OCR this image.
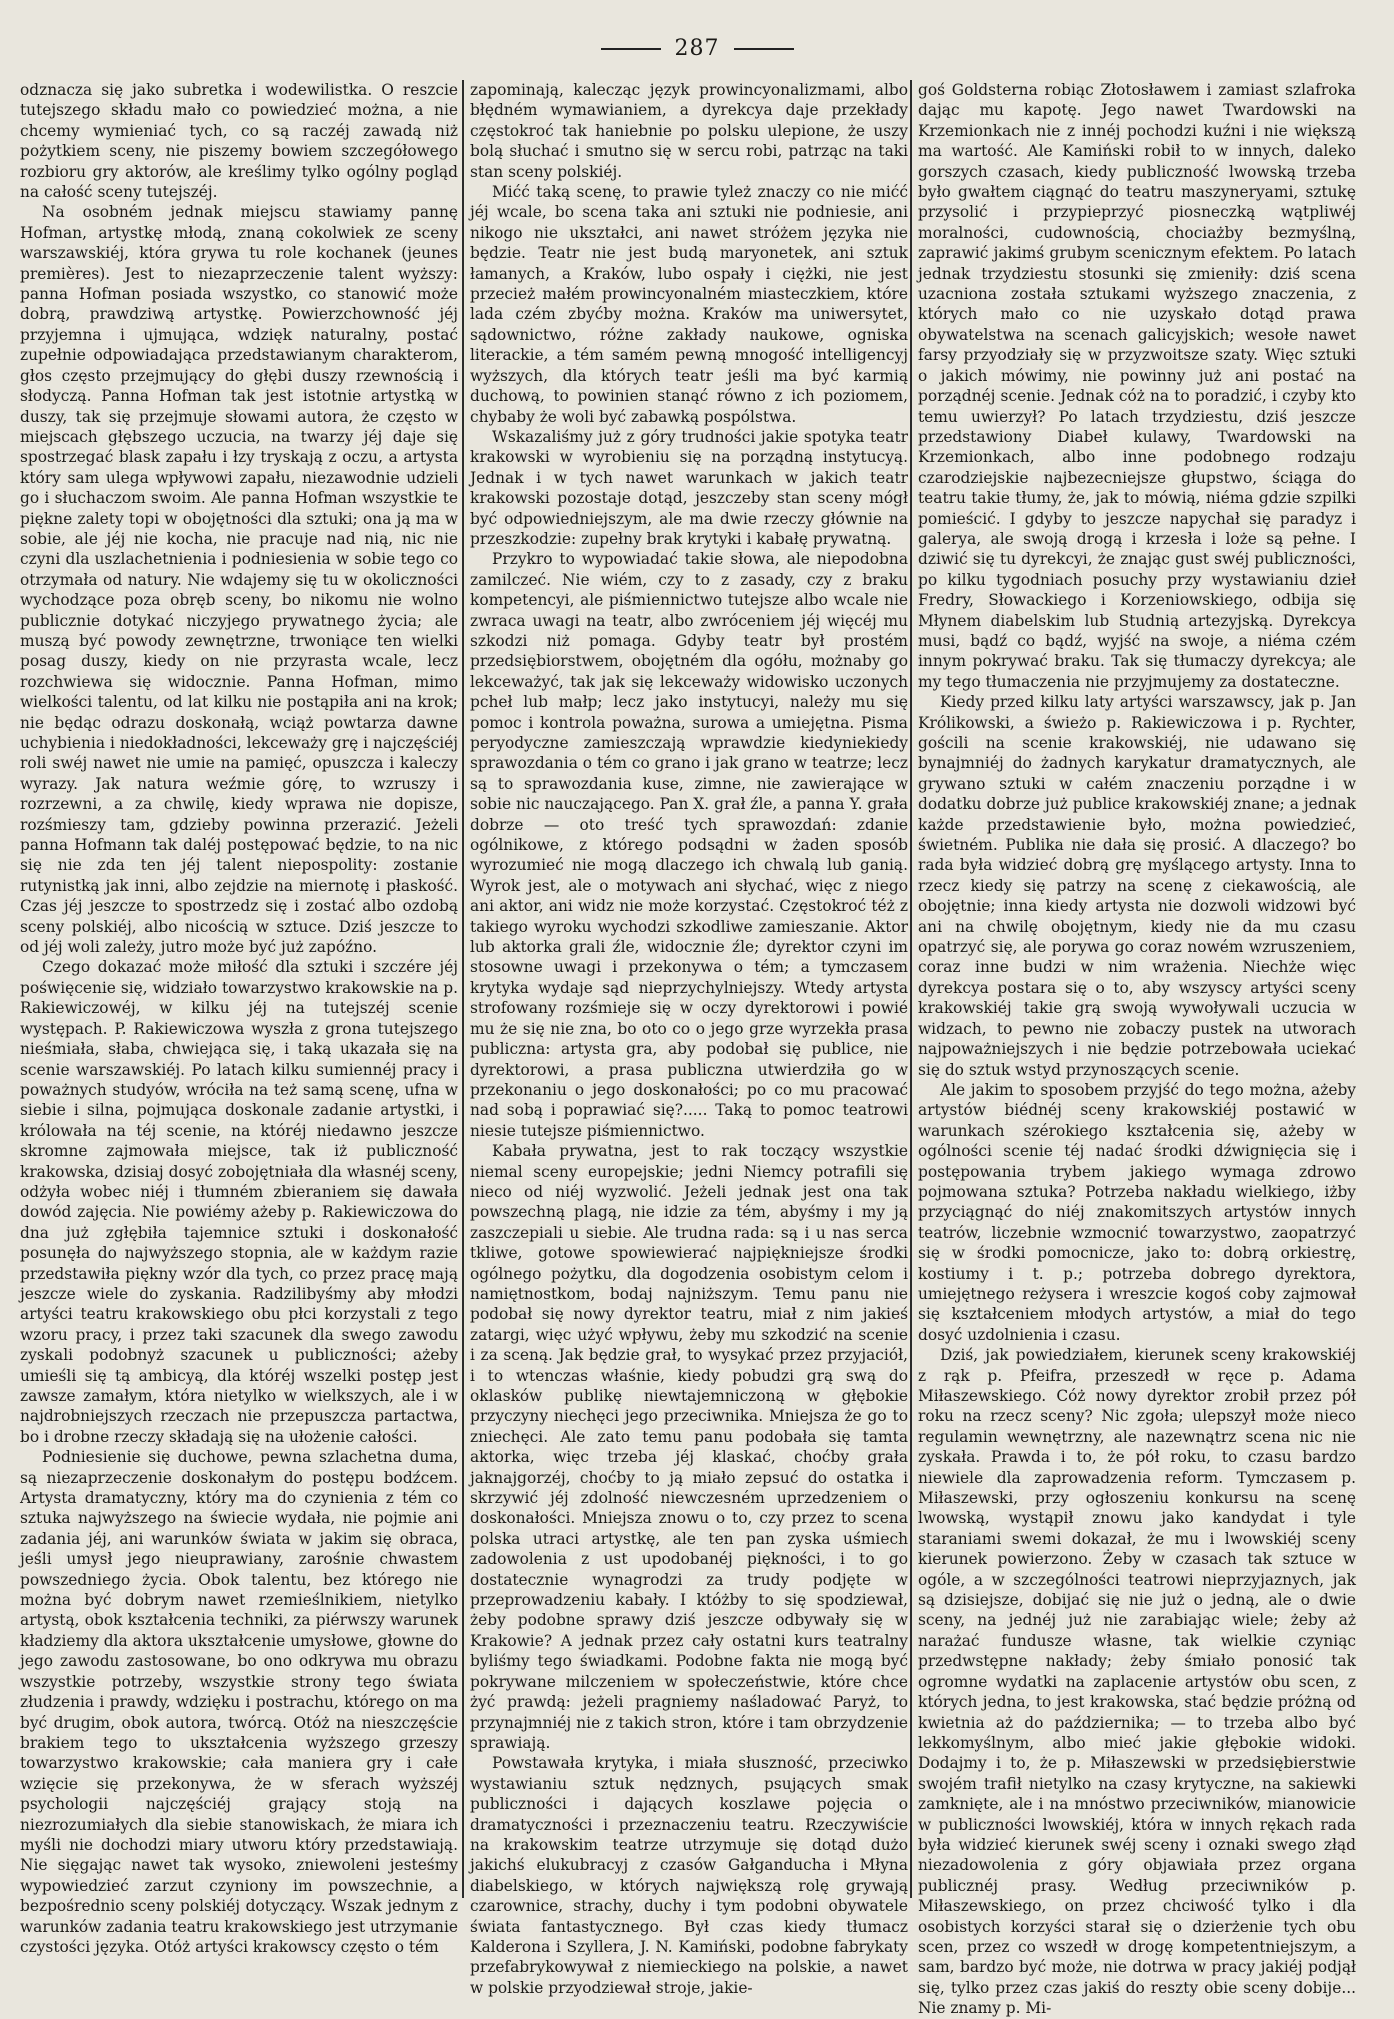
287

odznacza się jako subretka i wodewilistka. O reszcie tutejszego składu mało co powiedzieć można, a nie chcemy wymieniać tych, co są raczéj zawadą niż pożytkiem sceny, nie piszemy bowiem szczegółowego rozbioru gry aktorów, ale kreślimy tylko ogólny pogląd na całość sceny tutejszéj.

Na osobném jednak miejscu stawiamy pannę Hofman, artystkę młodą, znaną cokolwiek ze sceny warszawskiéj, która grywa tu role kochanek (jeunes premières). Jest to niezaprzeczenie talent wyższy: panna Hofman posiada wszystko, co stanowić może dobrą, prawdziwą artystkę. Powierzchowność jéj przyjemna i ujmująca, wdzięk naturalny, postać zupełnie odpowiadająca przedstawianym charakterom, głos często przejmujący do głębi duszy rzewnością i słodyczą. Panna Hofman tak jest istotnie artystką w duszy, tak się przejmuje słowami autora, że często w miejscach głębszego uczucia, na twarzy jéj daje się spostrzegać blask zapału i łzy tryskają z oczu, a artysta który sam ulega wpływowi zapału, niezawodnie udzieli go i słuchaczom swoim. Ale panna Hofman wszystkie te piękne zalety topi w obojętności dla sztuki; ona ją ma w sobie, ale jéj nie kocha, nie pracuje nad nią, nic nie czyni dla uszlachetnienia i podniesienia w sobie tego co otrzymała od natury. Nie wdajemy się tu w okoliczności wychodzące poza obręb sceny, bo nikomu nie wolno publicznie dotykać niczyjego prywatnego życia; ale muszą być powody zewnętrzne, trwoniące ten wielki posag duszy, kiedy on nie przyrasta wcale, lecz rozchwiewa się widocznie. Panna Hofman, mimo wielkości talentu, od lat kilku nie postąpiła ani na krok; nie będąc odrazu doskonałą, wciąż powtarza dawne uchybienia i niedokładności, lekceważy grę i najczęściéj roli swéj nawet nie umie na pamięć, opuszcza i kaleczy wyrazy. Jak natura weźmie górę, to wzruszy i rozrzewni, a za chwilę, kiedy wprawa nie dopisze, rozśmieszy tam, gdzieby powinna przerazić. Jeżeli panna Hofmann tak daléj postępować będzie, to na nic się nie zda ten jéj talent niepospolity: zostanie rutynistką jak inni, albo zejdzie na miernotę i płaskość. Czas jéj jeszcze to spostrzedz się i zostać albo ozdobą sceny polskiéj, albo nicością w sztuce. Dziś jeszcze to od jéj woli zależy, jutro może być już zapóźno.

Czego dokazać może miłość dla sztuki i szczére jéj poświęcenie się, widziało towarzystwo krakowskie na p. Rakiewiczowéj, w kilku jéj na tutejszéj scenie występach. P. Rakiewiczowa wyszła z grona tutejszego nieśmiała, słaba, chwiejąca się, i taką ukazała się na scenie warszawskiéj. Po latach kilku sumiennéj pracy i poważnych studyów, wróciła na też samą scenę, ufna w siebie i silna, pojmująca doskonale zadanie artystki, i królowała na téj scenie, na któréj niedawno jeszcze skromne zajmowała miejsce, tak iż publiczność krakowska, dzisiaj dosyć zobojętniała dla własnéj sceny, odżyła wobec niéj i tłumném zbieraniem się dawała dowód zajęcia. Nie powiémy ażeby p. Rakiewiczowa do dna już zgłębiła tajemnice sztuki i doskonałość posunęła do najwyższego stopnia, ale w każdym razie przedstawiła piękny wzór dla tych, co przez pracę mają jeszcze wiele do zyskania. Radzilibyśmy aby młodzi artyści teatru krakowskiego obu płci korzystali z tego wzoru pracy, i przez taki szacunek dla swego zawodu zyskali podobnyż szacunek u publiczności; ażeby umieśli się tą ambicyą, dla któréj wszelki postęp jest zawsze zamałym, która nietylko w wielkszych, ale i w najdrobniejszych rzeczach nie przepuszcza partactwa, bo i drobne rzeczy składają się na ułożenie całości.

Podniesienie się duchowe, pewna szlachetna duma, są niezaprzeczenie doskonałym do postępu bodźcem. Artysta dramatyczny, który ma do czynienia z tém co sztuka najwyższego na świecie wydała, nie pojmie ani zadania jéj, ani warunków świata w jakim się obraca, jeśli umysł jego nieuprawiany, zarośnie chwastem powszedniego życia. Obok talentu, bez którego nie można być dobrym nawet rzemieślnikiem, nietylko artystą, obok kształcenia techniki, za piérwszy warunek kładziemy dla aktora ukształcenie umysłowe, głowne do jego zawodu zastosowane, bo ono odkrywa mu obrazu wszystkie potrzeby, wszystkie strony tego świata złudzenia i prawdy, wdzięku i postrachu, którego on ma być drugim, obok autora, twórcą. Otóż na nieszczęście brakiem tego to ukształcenia wyższego grzeszy towarzystwo krakowskie; cała maniera gry i całe wzięcie się przekonywa, że w sferach wyższéj psychologii najczęściéj grający stoją na niezrozumiałych dla siebie stanowiskach, że miara ich myśli nie dochodzi miary utworu który przedstawiają. Nie sięgając nawet tak wysoko, zniewoleni jesteśmy wypowiedzieć zarzut czyniony im powszechnie, a bezpośrednio sceny polskiéj dotyczący. Wszak jednym z warunków zadania teatru krakowskiego jest utrzymanie czystości języka. Otóż artyści krakowscy często o tém

zapominają, kalecząc język prowincyonalizmami, albo błędném wymawianiem, a dyrekcya daje przekłady częstokroć tak haniebnie po polsku ulepione, że uszy bolą słuchać i smutno się w sercu robi, patrząc na taki stan sceny polskiéj.

Mićć taką scenę, to prawie tyleż znaczy co nie mićć jéj wcale, bo scena taka ani sztuki nie podniesie, ani nikogo nie ukształci, ani nawet stróżem języka nie będzie. Teatr nie jest budą maryonetek, ani sztuk łamanych, a Kraków, lubo ospały i ciężki, nie jest przecież małém prowincyonalném miasteczkiem, które lada czém zbyćby można. Kraków ma uniwersytet, sądownictwo, różne zakłady naukowe, ogniska literackie, a tém samém pewną mnogość intelligencyj wyższych, dla których teatr jeśli ma być karmią duchową, to powinien stanąć równo z ich poziomem, chybaby że woli być zabawką pospólstwa.

Wskazaliśmy już z góry trudności jakie spotyka teatr krakowski w wyrobieniu się na porządną instytucyą. Jednak i w tych nawet warunkach w jakich teatr krakowski pozostaje dotąd, jeszczeby stan sceny mógł być odpowiedniejszym, ale ma dwie rzeczy głównie na przeszkodzie: zupełny brak krytyki i kabałę prywatną.

Przykro to wypowiadać takie słowa, ale niepodobna zamilczeć. Nie wiém, czy to z zasady, czy z braku kompetencyi, ale piśmiennictwo tutejsze albo wcale nie zwraca uwagi na teatr, albo zwróceniem jéj więcéj mu szkodzi niż pomaga. Gdyby teatr był prostém przedsiębiorstwem, obojętném dla ogółu, możnaby go lekceważyć, tak jak się lekceważy widowisko uczonych pcheł lub małp; lecz jako instytucyi, należy mu się pomoc i kontrola poważna, surowa a umiejętna. Pisma peryodyczne zamieszczają wprawdzie kiedyniekiedy sprawozdania o tém co grano i jak grano w teatrze; lecz są to sprawozdania kuse, zimne, nie zawierające w sobie nic nauczającego. Pan X. grał źle, a panna Y. grała dobrze — oto treść tych sprawozdań: zdanie ogólnikowe, z którego podsądni w żaden sposób wyrozumieć nie mogą dlaczego ich chwalą lub ganią. Wyrok jest, ale o motywach ani słychać, więc z niego ani aktor, ani widz nie może korzystać. Częstokroć téż z takiego wyroku wychodzi szkodliwe zamieszanie. Aktor lub aktorka grali źle, widocznie źle; dyrektor czyni im stosowne uwagi i przekonywa o tém; a tymczasem krytyka wydaje sąd nieprzychylniejszy. Wtedy artysta strofowany rozśmieje się w oczy dyrektorowi i powié mu że się nie zna, bo oto co o jego grze wyrzekła prasa publiczna: artysta gra, aby podobał się publice, nie dyrektorowi, a prasa publiczna utwierdziła go w przekonaniu o jego doskonałości; po co mu pracować nad sobą i poprawiać się?..... Taką to pomoc teatrowi niesie tutejsze piśmiennictwo.

Kabała prywatna, jest to rak toczący wszystkie niemal sceny europejskie; jedni Niemcy potrafili się nieco od niéj wyzwolić. Jeżeli jednak jest ona tak powszechną plagą, nie idzie za tém, abyśmy i my ją zaszczepiali u siebie. Ale trudna rada: są i u nas serca tkliwe, gotowe spowiewierać najpiękniejsze środki ogólnego pożytku, dla dogodzenia osobistym celom i namiętnostkom, bodaj najniższym. Temu panu nie podobał się nowy dyrektor teatru, miał z nim jakieś zatargi, więc użyć wpływu, żeby mu szkodzić na scenie i za sceną. Jak będzie grał, to wysykać przez przyjaciół, i to wtenczas właśnie, kiedy pobudzi grą swą do oklasków publikę niewtajemniczoną w głębokie przyczyny niechęci jego przeciwnika. Mniejsza że go to zniechęci. Ale zato temu panu podobała się tamta aktorka, więc trzeba jéj klaskać, choćby grała jaknajgorzéj, choćby to ją miało zepsuć do ostatka i skrzywić jéj zdolność niewczesném uprzedzeniem o doskonałości. Mniejsza znowu o to, czy przez to scena polska utraci artystkę, ale ten pan zyska uśmiech zadowolenia z ust upodobanéj piękności, i to go dostatecznie wynagrodzi za trudy podjęte w przeprowadzeniu kabały. I któżby to się spodziewał, żeby podobne sprawy dziś jeszcze odbywały się w Krakowie? A jednak przez cały ostatni kurs teatralny byliśmy tego świadkami. Podobne fakta nie mogą być pokrywane milczeniem w społeczeństwie, które chce żyć prawdą: jeżeli pragniemy naśladować Paryż, to przynajmniéj nie z takich stron, które i tam obrzydzenie sprawiają.

Powstawała krytyka, i miała słuszność, przeciwko wystawianiu sztuk nędznych, psujących smak publiczności i dających koszlawe pojęcia o dramatyczności i przeznaczeniu teatru. Rzeczywiście na krakowskim teatrze utrzymuje się dotąd dużo jakichś elukubracyj z czasów Gałganducha i Młyna diabelskiego, w których największą rolę grywają czarownice, strachy, duchy i tym podobni obywatele świata fantastycznego. Był czas kiedy tłumacz Kalderona i Szyllera, J. N. Kamiński, podobne fabrykaty przefabrykowywał z niemieckiego na polskie, a nawet w polskie przyodziewał stroje, jakie-

goś Goldsterna robiąc Złotosławem i zamiast szlafroka dając mu kapotę. Jego nawet Twardowski na Krzemionkach nie z innéj pochodzi kuźni i nie większą ma wartość. Ale Kamiński robił to w innych, daleko gorszych czasach, kiedy publiczność lwowską trzeba było gwałtem ciągnąć do teatru maszyneryami, sztukę przysolić i przypieprzyć piosneczką wątpliwéj moralności, cudownością, chociażby bezmyślną, zaprawić jakimś grubym scenicznym efektem. Po latach jednak trzydziestu stosunki się zmieniły: dziś scena uzacniona została sztukami wyższego znaczenia, z których mało co nie uzyskało dotąd prawa obywatelstwa na scenach galicyjskich; wesołe nawet farsy przyodziały się w przyzwoitsze szaty. Więc sztuki o jakich mówimy, nie powinny już ani postać na porządnéj scenie. Jednak cóż na to poradzić, i czyby kto temu uwierzył? Po latach trzydziestu, dziś jeszcze przedstawiony Diabeł kulawy, Twardowski na Krzemionkach, albo inne podobnego rodzaju czarodziejskie najbezecniejsze głupstwo, ściąga do teatru takie tłumy, że, jak to mówią, niéma gdzie szpilki pomieścić. I gdyby to jeszcze napychał się paradyz i galerya, ale swoją drogą i krzesła i loże są pełne. I dziwić się tu dyrekcyi, że znając gust swéj publiczności, po kilku tygodniach posuchy przy wystawianiu dzieł Fredry, Słowackiego i Korzeniowskiego, odbija się Młynem diabelskim lub Studnią artezyjską. Dyrekcya musi, bądź co bądź, wyjść na swoje, a niéma czém innym pokrywać braku. Tak się tłumaczy dyrekcya; ale my tego tłumaczenia nie przyjmujemy za dostateczne.

Kiedy przed kilku laty artyści warszawscy, jak p. Jan Królikowski, a świeżo p. Rakiewiczowa i p. Rychter, gościli na scenie krakowskiéj, nie udawano się bynajmniéj do żadnych karykatur dramatycznych, ale grywano sztuki w całém znaczeniu porządne i w dodatku dobrze już publice krakowskiéj znane; a jednak każde przedstawienie było, można powiedzieć, świetném. Publika nie dała się prosić. A dlaczego? bo rada była widzieć dobrą grę myślącego artysty. Inna to rzecz kiedy się patrzy na scenę z ciekawością, ale obojętnie; inna kiedy artysta nie dozwoli widzowi być ani na chwilę obojętnym, kiedy nie da mu czasu opatrzyć się, ale porywa go coraz nowém wzruszeniem, coraz inne budzi w nim wrażenia. Niechże więc dyrekcya postara się o to, aby wszyscy artyści sceny krakowskiéj takie grą swoją wywoływali uczucia w widzach, to pewno nie zobaczy pustek na utworach najpoważniejszych i nie będzie potrzebowała uciekać się do sztuk wstyd przynoszących scenie.

Ale jakim to sposobem przyjść do tego można, ażeby artystów biédnéj sceny krakowskiéj postawić w warunkach szérokiego kształcenia się, ażeby w ogólności scenie téj nadać środki dźwignięcia się i postępowania trybem jakiego wymaga zdrowo pojmowana sztuka? Potrzeba nakładu wielkiego, iżby przyciągnąć do niéj znakomitszych artystów innych teatrów, liczebnie wzmocnić towarzystwo, zaopatrzyć się w środki pomocnicze, jako to: dobrą orkiestrę, kostiumy i t. p.; potrzeba dobrego dyrektora, umiejętnego reżysera i wreszcie kogoś coby zajmował się kształceniem młodych artystów, a miał do tego dosyć uzdolnienia i czasu.

Dziś, jak powiedziałem, kierunek sceny krakowskiéj z rąk p. Pfeifra, przeszedł w ręce p. Adama Miłaszewskiego. Cóż nowy dyrektor zrobił przez pół roku na rzecz sceny? Nic zgoła; ulepszył może nieco regulamin wewnętrzny, ale nazewnątrz scena nic nie zyskała. Prawda i to, że pół roku, to czasu bardzo niewiele dla zaprowadzenia reform. Tymczasem p. Miłaszewski, przy ogłoszeniu konkursu na scenę lwowską, wystąpił znowu jako kandydat i tyle staraniami swemi dokazał, że mu i lwowskiéj sceny kierunek powierzono. Żeby w czasach tak sztuce w ogóle, a w szczególności teatrowi nieprzyjaznych, jak są dzisiejsze, dobijać się nie już o jedną, ale o dwie sceny, na jednéj już nie zarabiając wiele; żeby aż narażać fundusze własne, tak wielkie czyniąc przedwstępne nakłady; żeby śmiało ponosić tak ogromne wydatki na zaplacenie artystów obu scen, z których jedna, to jest krakowska, stać będzie próżną od kwietnia aż do października; — to trzeba albo być lekkomyślnym, albo mieć jakie głębokie widoki. Dodajmy i to, że p. Miłaszewski w przedsiębierstwie swojém trafił nietylko na czasy krytyczne, na sakiewki zamknięte, ale i na mnóstwo przeciwników, mianowicie w publiczności lwowskiéj, która w innych rękach rada była widzieć kierunek swéj sceny i oznaki swego złąd niezadowolenia z góry objawiała przez organa publicznéj prasy. Według przeciwników p. Miłaszewskiego, on przez chciwość tylko i dla osobistych korzyści starał się o dzierżenie tych obu scen, przez co wszedł w drogę kompetentniejszym, a sam, bardzo być może, nie dotrwa w pracy jakiéj podjął się, tylko przez czas jakiś do reszty obie sceny dobije... Nie znamy p. Mi-
